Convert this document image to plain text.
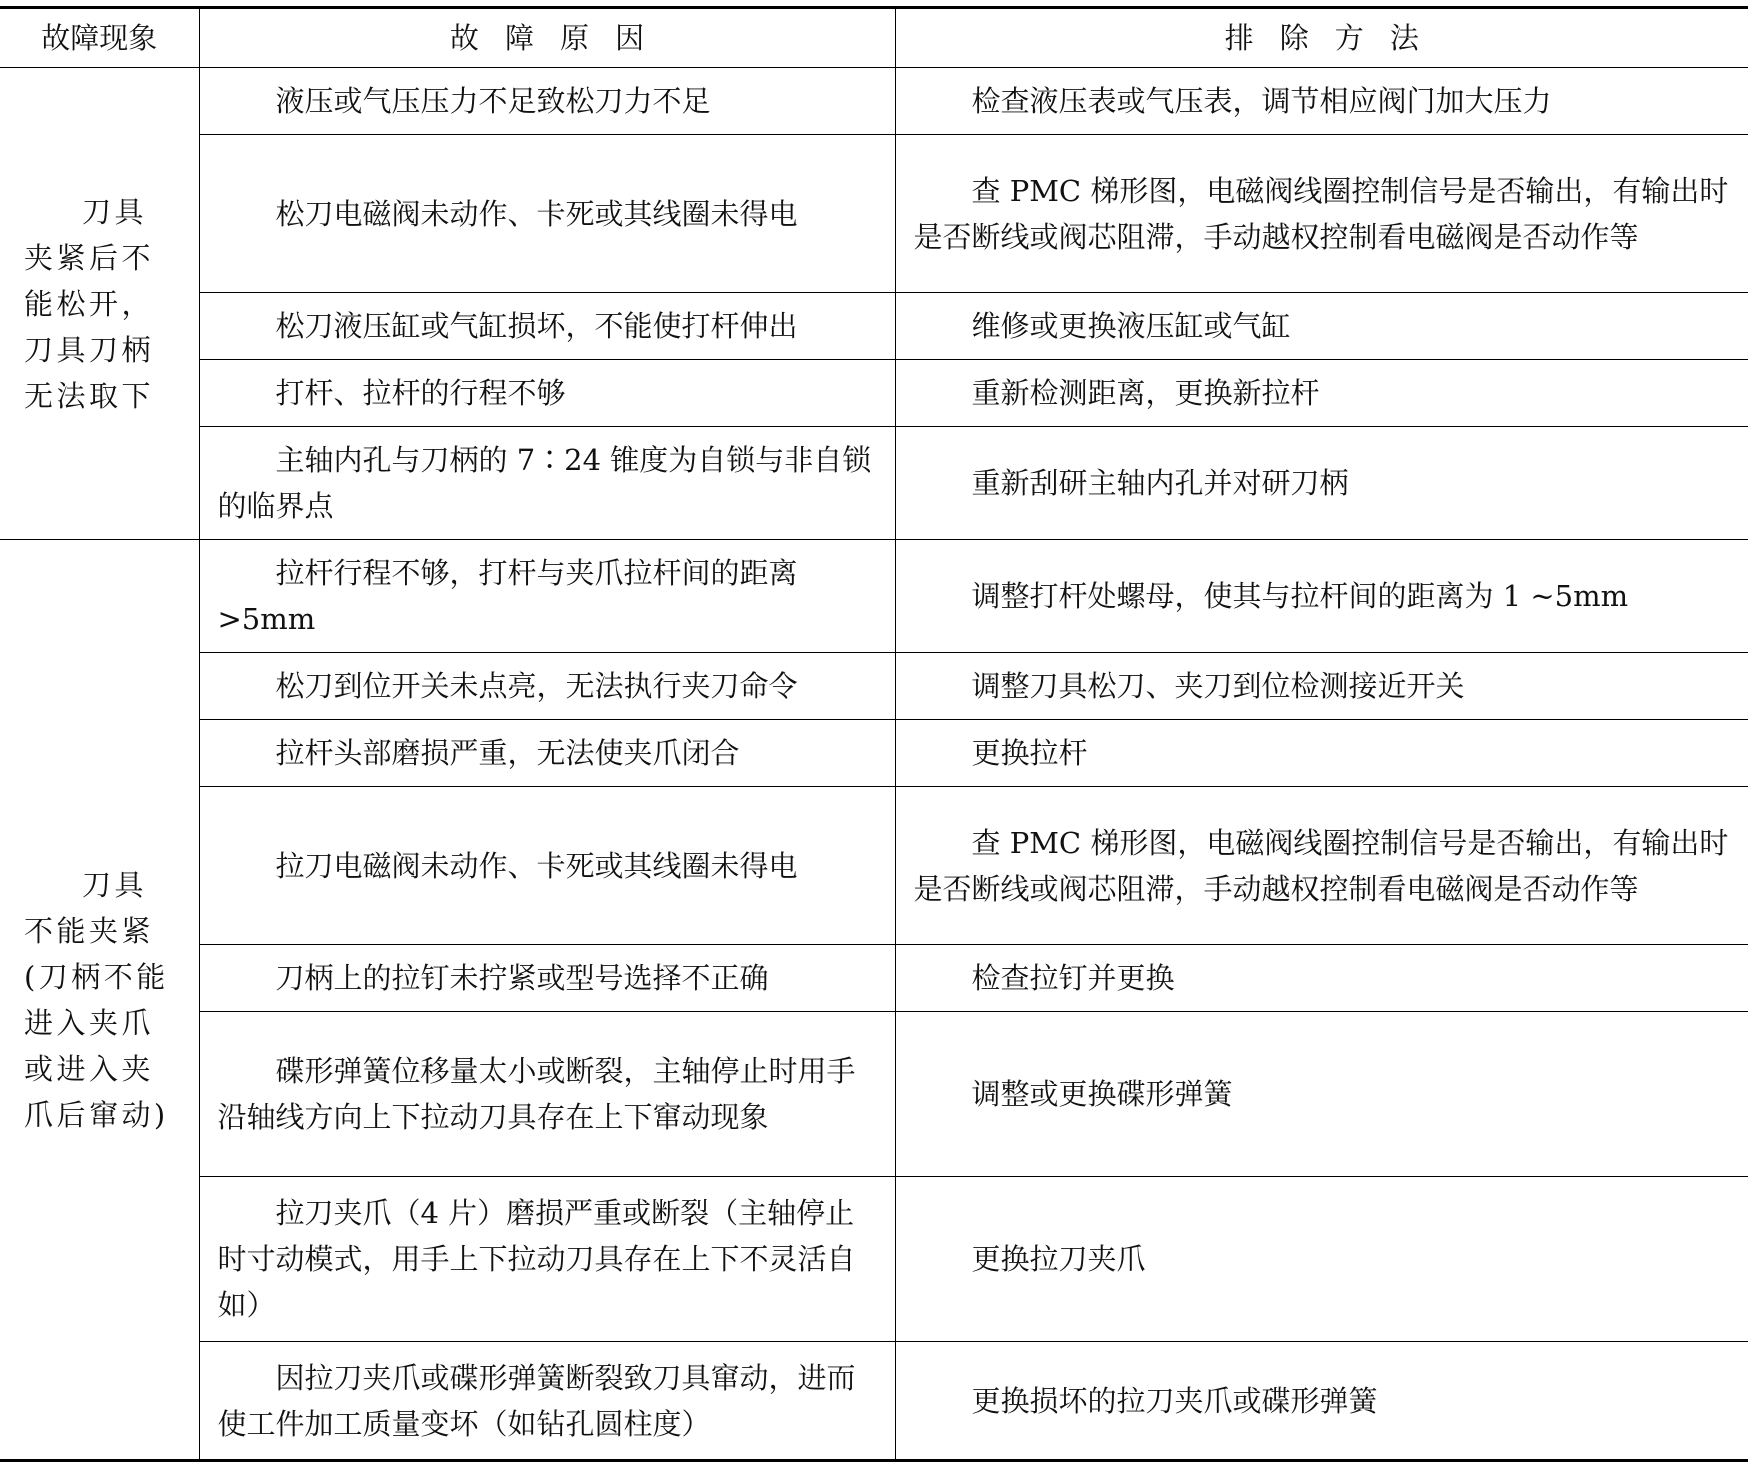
故障现象	故障原因	排除方法
刀具夹紧后不能松开，刀具刀柄无法取下	液压或气压压力不足致松刀力不足	检查液压表或气压表，调节相应阀门加大压力
	松刀电磁阀未动作、卡死或其线圈未得电	查 PMC 梯形图，电磁阀线圈控制信号是否输出，有输出时是否断线或阀芯阻滞，手动越权控制看电磁阀是否动作等
	松刀液压缸或气缸损坏，不能使打杆伸出	维修或更换液压缸或气缸
	打杆、拉杆的行程不够	重新检测距离，更换新拉杆
	主轴内孔与刀柄的 7∶24 锥度为自锁与非自锁的临界点	重新刮研主轴内孔并对研刀柄
刀具不能夹紧(刀柄不能进入夹爪或进入夹爪后窜动)	拉杆行程不够，打杆与夹爪拉杆间的距离 >5mm	调整打杆处螺母，使其与拉杆间的距离为 1 ~5mm
	松刀到位开关未点亮，无法执行夹刀命令	调整刀具松刀、夹刀到位检测接近开关
	拉杆头部磨损严重，无法使夹爪闭合	更换拉杆
	拉刀电磁阀未动作、卡死或其线圈未得电	查 PMC 梯形图，电磁阀线圈控制信号是否输出，有输出时是否断线或阀芯阻滞，手动越权控制看电磁阀是否动作等
	刀柄上的拉钉未拧紧或型号选择不正确	检查拉钉并更换
	碟形弹簧位移量太小或断裂，主轴停止时用手沿轴线方向上下拉动刀具存在上下窜动现象	调整或更换碟形弹簧
	拉刀夹爪（4 片）磨损严重或断裂（主轴停止时寸动模式，用手上下拉动刀具存在上下不灵活自如）	更换拉刀夹爪
	因拉刀夹爪或碟形弹簧断裂致刀具窜动，进而使工件加工质量变坏（如钻孔圆柱度）	更换损坏的拉刀夹爪或碟形弹簧
